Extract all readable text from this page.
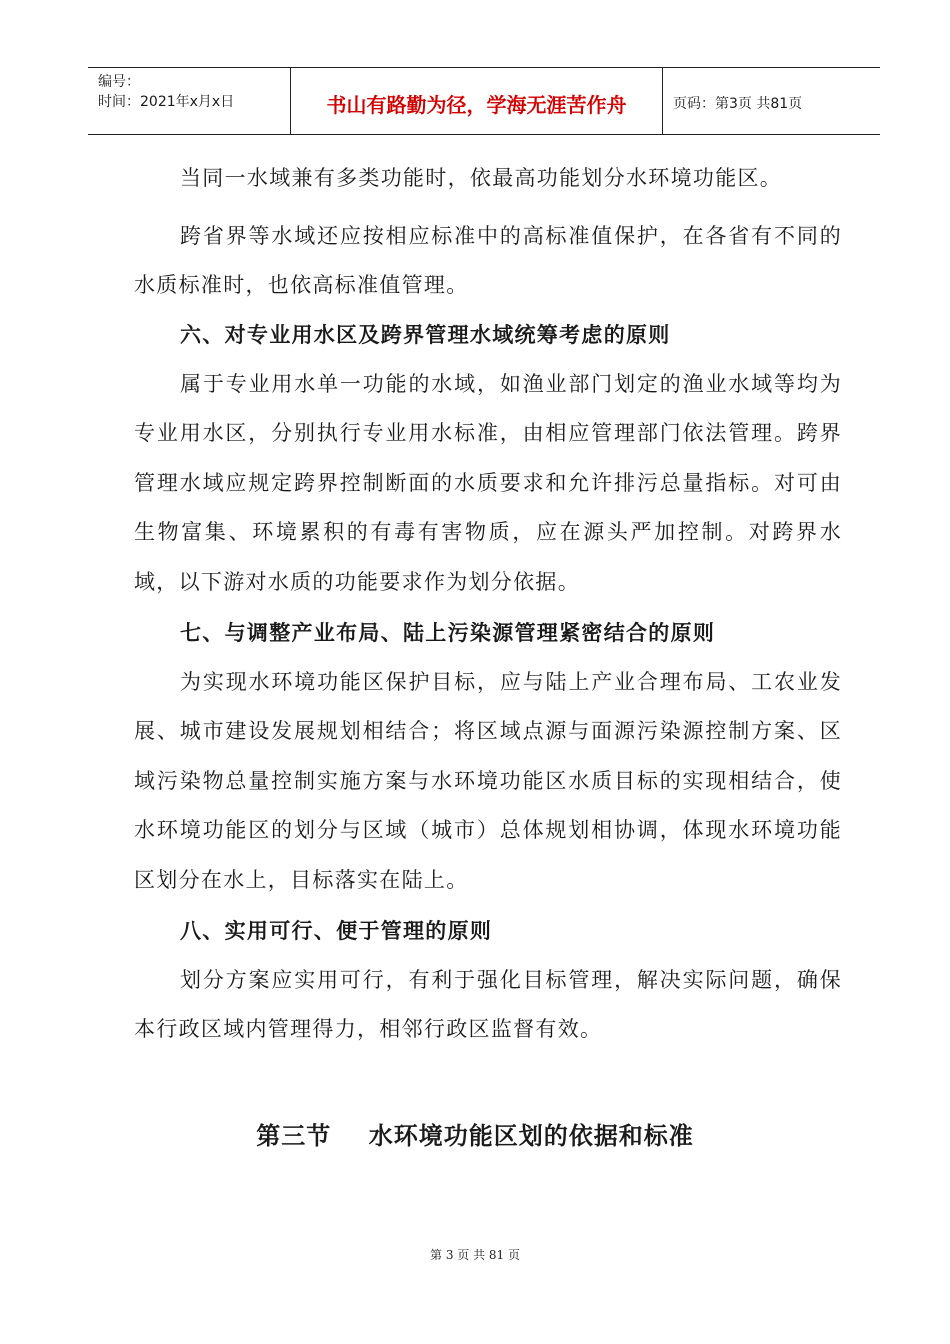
编号：
时间：2021年x月x日	书山有路勤为径，学海无涯苦作舟	页码：第3页 共81页

当同一水域兼有多类功能时，依最高功能划分水环境功能区。

跨省界等水域还应按相应标准中的高标准值保护，在各省有不同的水质标准时，也依高标准值管理。

六、对专业用水区及跨界管理水域统筹考虑的原则

属于专业用水单一功能的水域，如渔业部门划定的渔业水域等均为专业用水区，分别执行专业用水标准，由相应管理部门依法管理。跨界管理水域应规定跨界控制断面的水质要求和允许排污总量指标。对可由生物富集、环境累积的有毒有害物质，应在源头严加控制。对跨界水域，以下游对水质的功能要求作为划分依据。

七、与调整产业布局、陆上污染源管理紧密结合的原则

为实现水环境功能区保护目标，应与陆上产业合理布局、工农业发展、城市建设发展规划相结合；将区域点源与面源污染源控制方案、区域污染物总量控制实施方案与水环境功能区水质目标的实现相结合，使水环境功能区的划分与区域（城市）总体规划相协调，体现水环境功能区划分在水上，目标落实在陆上。

八、实用可行、便于管理的原则

划分方案应实用可行，有利于强化目标管理，解决实际问题，确保本行政区域内管理得力，相邻行政区监督有效。

第三节    水环境功能区划的依据和标准
第 3 页 共 81 页
